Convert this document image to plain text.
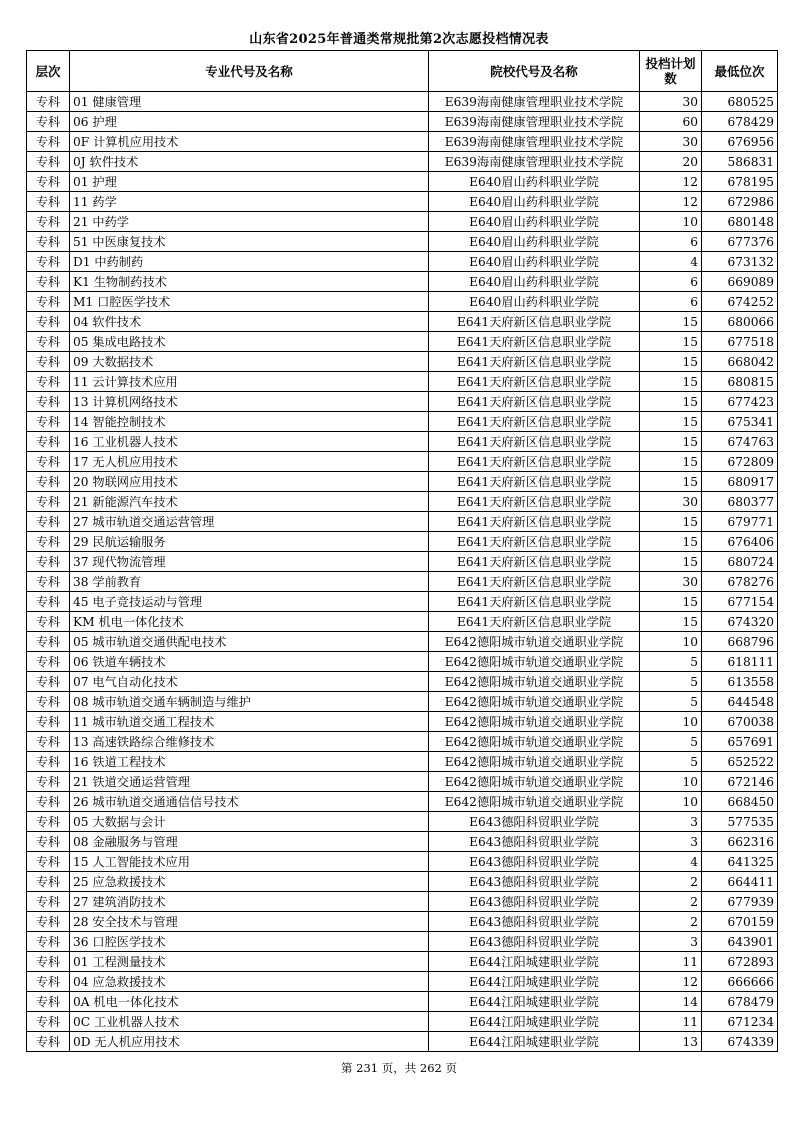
山东省2025年普通类常规批第2次志愿投档情况表
层次	专业代号及名称	院校代号及名称	投档计划数	最低位次
专科	01 健康管理	E639海南健康管理职业技术学院	30	680525
专科	06 护理	E639海南健康管理职业技术学院	60	678429
专科	0F 计算机应用技术	E639海南健康管理职业技术学院	30	676956
专科	0J 软件技术	E639海南健康管理职业技术学院	20	586831
专科	01 护理	E640眉山药科职业学院	12	678195
专科	11 药学	E640眉山药科职业学院	12	672986
专科	21 中药学	E640眉山药科职业学院	10	680148
专科	51 中医康复技术	E640眉山药科职业学院	6	677376
专科	D1 中药制药	E640眉山药科职业学院	4	673132
专科	K1 生物制药技术	E640眉山药科职业学院	6	669089
专科	M1 口腔医学技术	E640眉山药科职业学院	6	674252
专科	04 软件技术	E641天府新区信息职业学院	15	680066
专科	05 集成电路技术	E641天府新区信息职业学院	15	677518
专科	09 大数据技术	E641天府新区信息职业学院	15	668042
专科	11 云计算技术应用	E641天府新区信息职业学院	15	680815
专科	13 计算机网络技术	E641天府新区信息职业学院	15	677423
专科	14 智能控制技术	E641天府新区信息职业学院	15	675341
专科	16 工业机器人技术	E641天府新区信息职业学院	15	674763
专科	17 无人机应用技术	E641天府新区信息职业学院	15	672809
专科	20 物联网应用技术	E641天府新区信息职业学院	15	680917
专科	21 新能源汽车技术	E641天府新区信息职业学院	30	680377
专科	27 城市轨道交通运营管理	E641天府新区信息职业学院	15	679771
专科	29 民航运输服务	E641天府新区信息职业学院	15	676406
专科	37 现代物流管理	E641天府新区信息职业学院	15	680724
专科	38 学前教育	E641天府新区信息职业学院	30	678276
专科	45 电子竞技运动与管理	E641天府新区信息职业学院	15	677154
专科	KM 机电一体化技术	E641天府新区信息职业学院	15	674320
专科	05 城市轨道交通供配电技术	E642德阳城市轨道交通职业学院	10	668796
专科	06 铁道车辆技术	E642德阳城市轨道交通职业学院	5	618111
专科	07 电气自动化技术	E642德阳城市轨道交通职业学院	5	613558
专科	08 城市轨道交通车辆制造与维护	E642德阳城市轨道交通职业学院	5	644548
专科	11 城市轨道交通工程技术	E642德阳城市轨道交通职业学院	10	670038
专科	13 高速铁路综合维修技术	E642德阳城市轨道交通职业学院	5	657691
专科	16 铁道工程技术	E642德阳城市轨道交通职业学院	5	652522
专科	21 铁道交通运营管理	E642德阳城市轨道交通职业学院	10	672146
专科	26 城市轨道交通通信信号技术	E642德阳城市轨道交通职业学院	10	668450
专科	05 大数据与会计	E643德阳科贸职业学院	3	577535
专科	08 金融服务与管理	E643德阳科贸职业学院	3	662316
专科	15 人工智能技术应用	E643德阳科贸职业学院	4	641325
专科	25 应急救援技术	E643德阳科贸职业学院	2	664411
专科	27 建筑消防技术	E643德阳科贸职业学院	2	677939
专科	28 安全技术与管理	E643德阳科贸职业学院	2	670159
专科	36 口腔医学技术	E643德阳科贸职业学院	3	643901
专科	01 工程测量技术	E644江阳城建职业学院	11	672893
专科	04 应急救援技术	E644江阳城建职业学院	12	666666
专科	0A 机电一体化技术	E644江阳城建职业学院	14	678479
专科	0C 工业机器人技术	E644江阳城建职业学院	11	671234
专科	0D 无人机应用技术	E644江阳城建职业学院	13	674339
第 231 页，共 262 页
